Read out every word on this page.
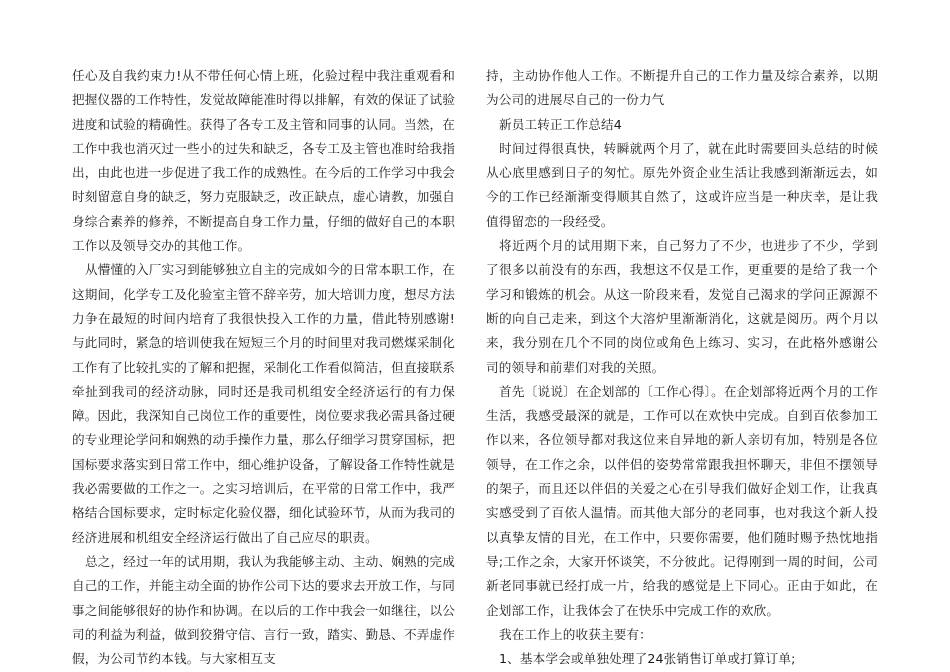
任心及自我约束力!从不带任何心情上班，化验过程中我注重观看和把握仪器的工作特性，发觉故障能准时得以排解，有效的保证了试验进度和试验的精确性。获得了各专工及主管和同事的认同。当然，在工作中我也消灭过一些小的过失和缺乏，各专工及主管也准时给我指出，由此也进一步促进了我工作的成熟性。在今后的工作学习中我会时刻留意自身的缺乏，努力克服缺乏，改正缺点，虚心请教，加强自身综合素养的修养，不断提高自身工作力量，仔细的做好自己的本职工作以及领导交办的其他工作。

从懵懂的入厂实习到能够独立自主的完成如今的日常本职工作，在这期间，化学专工及化验室主管不辞辛劳，加大培训力度，想尽方法力争在最短的时间内培育了我很快投入工作的力量，借此特别感谢!与此同时，紧急的培训使我在短短三个月的时间里对我司燃煤采制化工作有了比较扎实的了解和把握，采制化工作看似简洁，但直接联系牵扯到我司的经济动脉，同时还是我司机组安全经济运行的有力保障。因此，我深知自己岗位工作的重要性，岗位要求我必需具备过硬的专业理论学问和娴熟的动手操作力量，那么仔细学习贯穿国标，把国标要求落实到日常工作中，细心维护设备，了解设备工作特性就是我必需要做的工作之一。之实习培训后，在平常的日常工作中，我严格结合国标要求，定时标定化验仪器，细化试验环节，从而为我司的经济进展和机组安全经济运行做出了自己应尽的职责。

总之，经过一年的试用期，我认为我能够主动、主动、娴熟的完成自己的工作，并能主动全面的协作公司下达的要求去开放工作，与同事之间能够很好的协作和协调。在以后的工作中我会一如继往，以公司的利益为利益，做到狡猾守信、言行一致，踏实、勤恳、不弄虚作假，为公司节约本钱。与大家相互支

持，主动协作他人工作。不断提升自己的工作力量及综合素养，以期为公司的进展尽自己的一份力气

新员工转正工作总结4

时间过得很真快，转瞬就两个月了，就在此时需要回头总结的时候从心底里感到日子的匆忙。原先外资企业生活让我感到渐渐远去，如今的工作已经渐渐变得顺其自然了，这或许应当是一种庆幸，是让我值得留恋的一段经受。

将近两个月的试用期下来，自己努力了不少，也进步了不少，学到了很多以前没有的东西，我想这不仅是工作，更重要的是给了我一个学习和锻炼的机会。从这一阶段来看，发觉自己渴求的学问正源源不断的向自己走来，到这个大溶炉里渐渐消化，这就是阅历。两个月以来，我分别在几个不同的岗位或角色上练习、实习，在此格外感谢公司的领导和前辈们对我的关照。

首先〔说说〕在企划部的〔工作心得〕。在企划部将近两个月的工作生活，我感受最深的就是，工作可以在欢快中完成。自到百依参加工作以来，各位领导都对我这位来自异地的新人亲切有加，特别是各位领导，在工作之余，以伴侣的姿势常常跟我担怀聊天，非但不摆领导的架子，而且还以伴侣的关爱之心在引导我们做好企划工作，让我真实感受到了百依人温情。而其他大部分的老同事，也对我这个新人投以真挚友情的目光，在工作中，只要你需要，他们随时赐予热忱地指导;工作之余，大家开怀谈笑，不分彼此。记得刚到一周的时间，公司新老同事就已经打成一片，给我的感觉是上下同心。正由于如此，在企划部工作，让我体会了在快乐中完成工作的欢欣。

我在工作上的收获主要有：

1、基本学会或单独处理了24张销售订单或打算订单;
